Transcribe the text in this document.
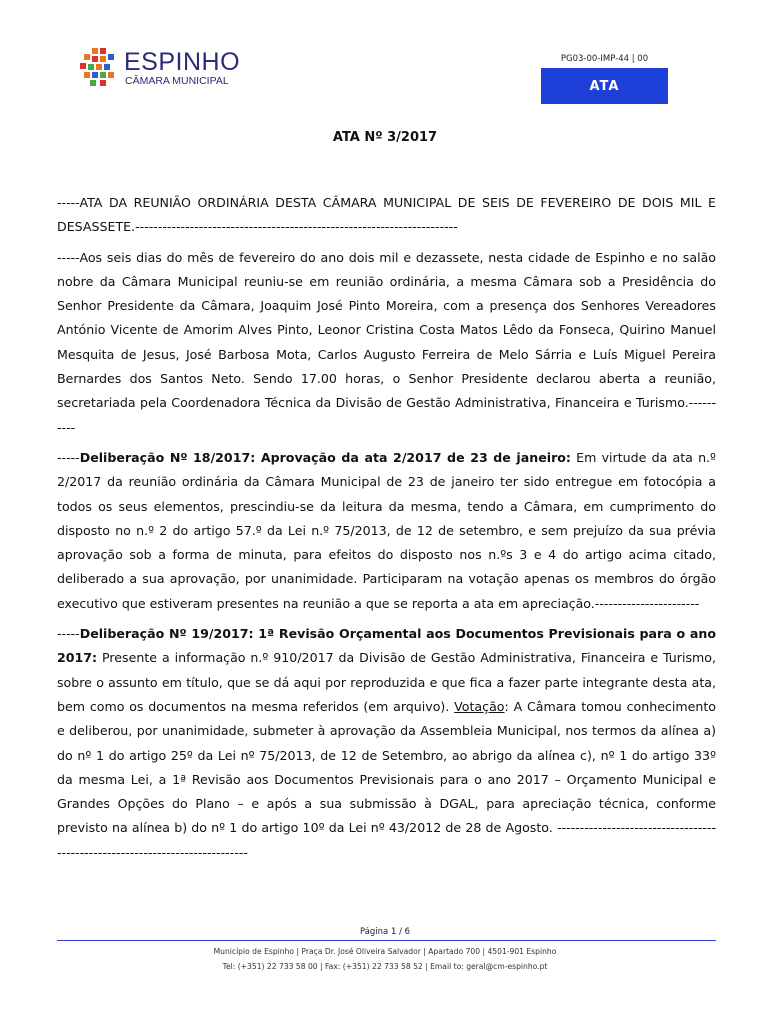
ESPINHO
CÂMARA MUNICIPAL
PG03-00-IMP-44 | 00
ATA
ATA Nº 3/2017

-----ATA DA REUNIÃO ORDINÁRIA DESTA CÂMARA MUNICIPAL DE SEIS DE FEVEREIRO DE DOIS MIL E DESASSETE.-----------------------------------------------------------------------

-----Aos seis dias do mês de fevereiro do ano dois mil e dezassete, nesta cidade de Espinho e no salão nobre da Câmara Municipal reuniu-se em reunião ordinária, a mesma Câmara sob a Presidência do Senhor Presidente da Câmara, Joaquim José Pinto Moreira, com a presença dos Senhores Vereadores António Vicente de Amorim Alves Pinto, Leonor Cristina Costa Matos Lêdo da Fonseca, Quirino Manuel Mesquita de Jesus, José Barbosa Mota, Carlos Augusto Ferreira de Melo Sárria e Luís Miguel Pereira Bernardes dos Santos Neto. Sendo 17.00 horas, o Senhor Presidente declarou aberta a reunião, secretariada pela Coordenadora Técnica da Divisão de Gestão Administrativa, Financeira e Turismo.----------

-----Deliberação Nº 18/2017: Aprovação da ata 2/2017 de 23 de janeiro: Em virtude da ata n.º 2/2017 da reunião ordinária da Câmara Municipal de 23 de janeiro ter sido entregue em fotocópia a todos os seus elementos, prescindiu-se da leitura da mesma, tendo a Câmara, em cumprimento do disposto no n.º 2 do artigo 57.º da Lei n.º 75/2013, de 12 de setembro, e sem prejuízo da sua prévia aprovação sob a forma de minuta, para efeitos do disposto nos n.ºs 3 e 4 do artigo acima citado, deliberado a sua aprovação, por unanimidade. Participaram na votação apenas os membros do órgão executivo que estiveram presentes na reunião a que se reporta a ata em apreciação.-----------------------

-----Deliberação Nº 19/2017: 1ª Revisão Orçamental aos Documentos Previsionais para o ano 2017: Presente a informação n.º 910/2017 da Divisão de Gestão Administrativa, Financeira e Turismo, sobre o assunto em título, que se dá aqui por reproduzida e que fica a fazer parte integrante desta ata, bem como os documentos na mesma referidos (em arquivo). Votação: A Câmara tomou conhecimento e deliberou, por unanimidade, submeter à aprovação da Assembleia Municipal, nos termos da alínea a) do nº 1 do artigo 25º da Lei nº 75/2013, de 12 de Setembro, ao abrigo da alínea c), nº 1 do artigo 33º da mesma Lei, a 1ª Revisão aos Documentos Previsionais para o ano 2017 – Orçamento Municipal e Grandes Opções do Plano – e após a sua submissão à DGAL, para apreciação técnica, conforme previsto na alínea b) do nº 1 do artigo 10º da Lei nº 43/2012 de 28 de Agosto. -----------------------------------------------------------------------------

Página 1 / 6
Município de Espinho | Praça Dr. José Oliveira Salvador | Apartado 700 | 4501-901 Espinho
Tel: (+351) 22 733 58 00 | Fax: (+351) 22 733 58 52 | Email to: geral@cm-espinho.pt
